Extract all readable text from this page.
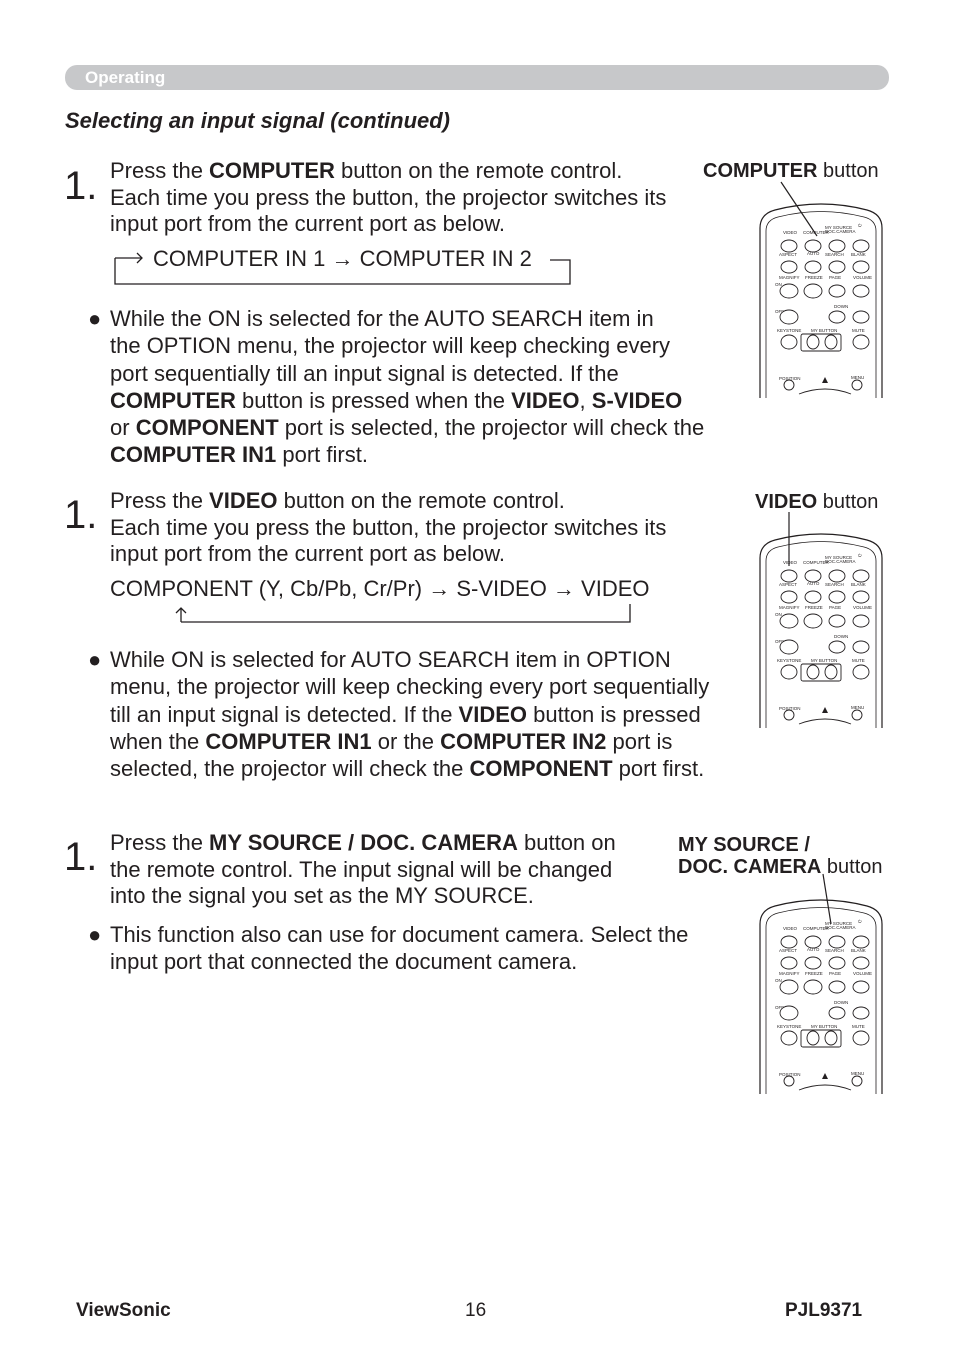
Operating
Selecting an input signal (continued)
1. Press the COMPUTER button on the remote control.
Each time you press the button, the projector switches its
input port from the current port as below.
COMPUTER IN 1 → COMPUTER IN 2
COMPUTER button
VIDEO COMPUTER
MY SOURCE
DOC.CAMERA
⏻
ASPECT AUTO SEARCH BLANK
MAGNIFY FREEZE PAGE	VOLUME
ON
DOWN
OFF
KEYSTONE MY BUTTON	MUTE
POSITION	MENU
● While the ON is selected for the AUTO SEARCH item in
the OPTION menu, the projector will keep checking every
port sequentially till an input signal is detected. If the
COMPUTER button is pressed when the VIDEO, S-VIDEO
or COMPONENT port is selected, the projector will check the
COMPUTER IN1 port first.
1. Press the VIDEO button on the remote control.
Each time you press the button, the projector switches its
input port from the current port as below.
COMPONENT (Y, Cb/Pb, Cr/Pr) → S-VIDEO → VIDEO
VIDEO button
VIDEO COMPUTER
MY SOURCE
DOC.CAMERA
⏻
ASPECT AUTO SEARCH BLANK
MAGNIFY FREEZE PAGE	VOLUME
ON
DOWN
OFF
KEYSTONE MY BUTTON	MUTE
POSITION	MENU
● While ON is selected for AUTO SEARCH item in OPTION
menu, the projector will keep checking every port sequentially
till an input signal is detected. If the VIDEO button is pressed
when the COMPUTER IN1 or the COMPUTER IN2 port is
selected, the projector will check the COMPONENT port first.
1. Press the MY SOURCE / DOC. CAMERA button on
the remote control. The input signal will be changed
into the signal you set as the MY SOURCE.
MY SOURCE /
DOC. CAMERA button
VIDEO COMPUTER
MY SOURCE
DOC.CAMERA
⏻
ASPECT AUTO SEARCH BLANK
MAGNIFY FREEZE PAGE	VOLUME
ON
DOWN
OFF
KEYSTONE MY BUTTON	MUTE
POSITION	MENU
● This function also can use for document camera. Select the
input port that connected the document camera.
ViewSonic	16	PJL9371
